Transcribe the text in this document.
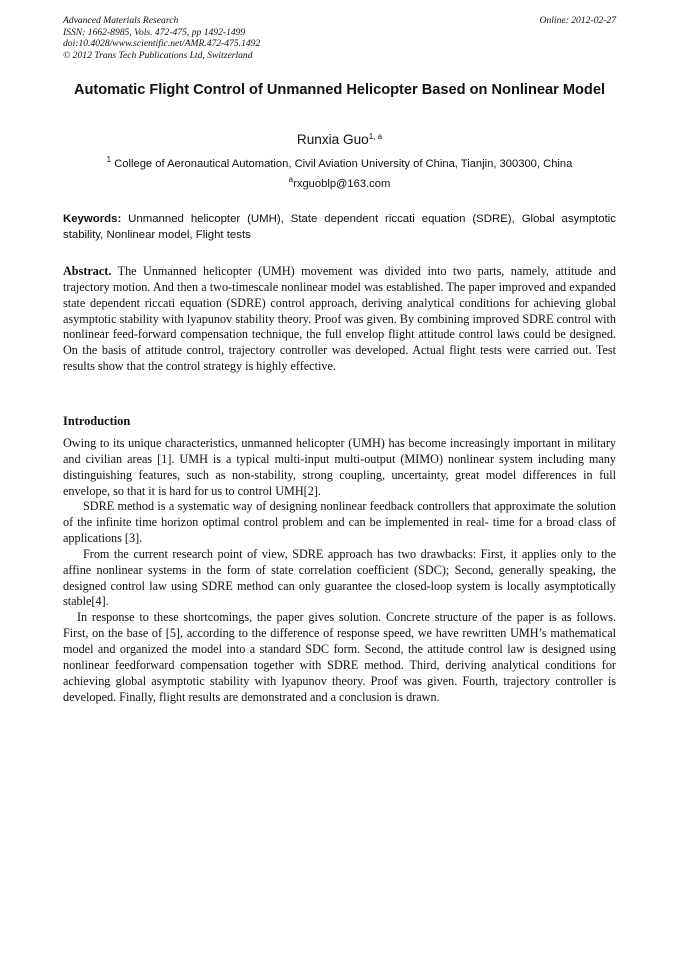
Advanced Materials Research
ISSN: 1662-8985, Vols. 472-475, pp 1492-1499
doi:10.4028/www.scientific.net/AMR.472-475.1492
© 2012 Trans Tech Publications Ltd, Switzerland
Online: 2012-02-27
Automatic Flight Control of Unmanned Helicopter Based on Nonlinear Model
Runxia Guo$^{1, a}$
$^1$ College of Aeronautical Automation, Civil Aviation University of China, Tianjin, 300300, China
$^a$rxguoblp@163.com
Keywords: Unmanned helicopter (UMH), State dependent riccati equation (SDRE), Global asymptotic stability, Nonlinear model, Flight tests
Abstract. The Unmanned helicopter (UMH) movement was divided into two parts, namely, attitude and trajectory motion. And then a two-timescale nonlinear model was established. The paper improved and expanded state dependent riccati equation (SDRE) control approach, deriving analytical conditions for achieving global asymptotic stability with lyapunov stability theory. Proof was given. By combining improved SDRE control with nonlinear feed-forward compensation technique, the full envelop flight attitude control laws could be designed. On the basis of attitude control, trajectory controller was developed. Actual flight tests were carried out. Test results show that the control strategy is highly effective.
Introduction

Owing to its unique characteristics, unmanned helicopter (UMH) has become increasingly important in military and civilian areas [1]. UMH is a typical multi-input multi-output (MIMO) nonlinear system including many distinguishing features, such as non-stability, strong coupling, uncertainty, great model differences in full envelope, so that it is hard for us to control UMH[2].

SDRE method is a systematic way of designing nonlinear feedback controllers that approximate the solution of the infinite time horizon optimal control problem and can be implemented in real- time for a broad class of applications [3].

From the current research point of view, SDRE approach has two drawbacks: First, it applies only to the affine nonlinear systems in the form of state correlation coefficient (SDC); Second, generally speaking, the designed control law using SDRE method can only guarantee the closed-loop system is locally asymptotically stable[4].

In response to these shortcomings, the paper gives solution. Concrete structure of the paper is as follows. First, on the base of [5], according to the difference of response speed, we have rewritten UMH’s mathematical model and organized the model into a standard SDC form. Second, the attitude control law is designed using nonlinear feedforward compensation together with SDRE method. Third, deriving analytical conditions for achieving global asymptotic stability with lyapunov theory. Proof was given. Fourth, trajectory controller is developed. Finally, flight results are demonstrated and a conclusion is drawn.
